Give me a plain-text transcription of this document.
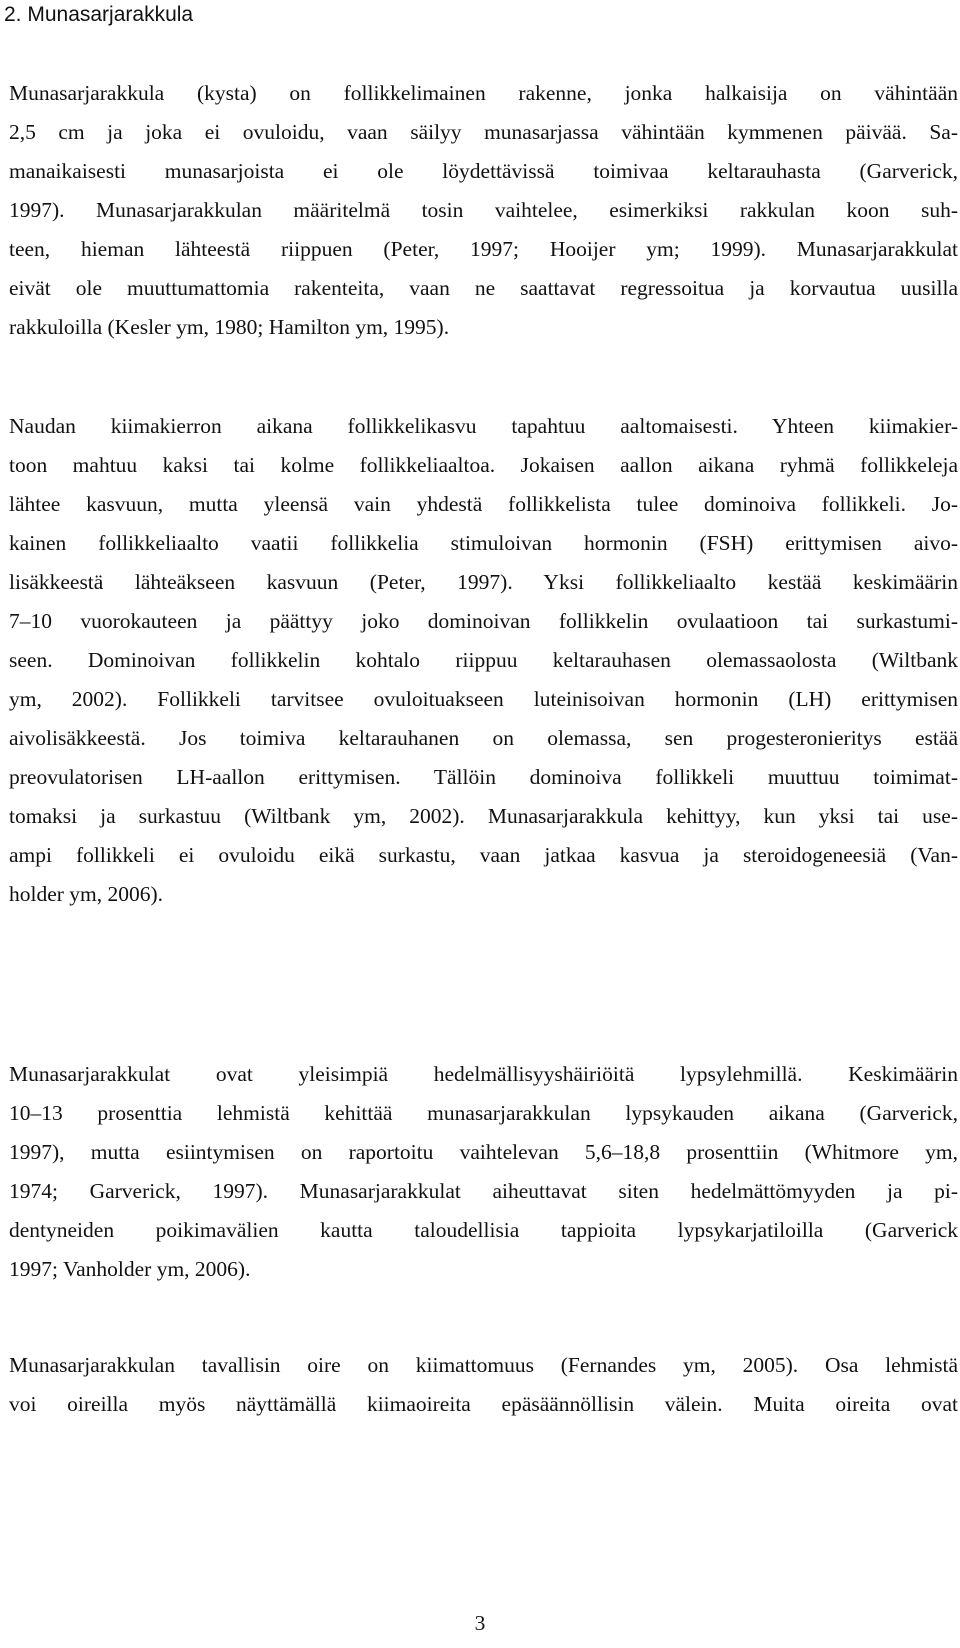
2. Munasarjarakkula
Munasarjarakkula (kysta) on follikkelimainen rakenne, jonka halkaisija on vähintään
2,5 cm ja joka ei ovuloidu, vaan säilyy munasarjassa vähintään kymmenen päivää. Sa-
manaikaisesti munasarjoista ei ole löydettävissä toimivaa keltarauhasta (Garverick,
1997). Munasarjarakkulan määritelmä tosin vaihtelee, esimerkiksi rakkulan koon suh-
teen, hieman lähteestä riippuen (Peter, 1997; Hooijer ym; 1999). Munasarjarakkulat
eivät ole muuttumattomia rakenteita, vaan ne saattavat regressoitua ja korvautua uusilla
rakkuloilla (Kesler ym, 1980; Hamilton ym, 1995).
Naudan kiimakierron aikana follikkelikasvu tapahtuu aaltomaisesti. Yhteen kiimakier-
toon mahtuu kaksi tai kolme follikkeliaaltoa. Jokaisen aallon aikana ryhmä follikkeleja
lähtee kasvuun, mutta yleensä vain yhdestä follikkelista tulee dominoiva follikkeli. Jo-
kainen follikkeliaalto vaatii follikkelia stimuloivan hormonin (FSH) erittymisen aivo-
lisäkkeestä lähteäkseen kasvuun (Peter, 1997). Yksi follikkeliaalto kestää keskimäärin
7–10 vuorokauteen ja päättyy joko dominoivan follikkelin ovulaatioon tai surkastumi-
seen. Dominoivan follikkelin kohtalo riippuu keltarauhasen olemassaolosta (Wiltbank
ym, 2002). Follikkeli tarvitsee ovuloituakseen luteinisoivan hormonin (LH) erittymisen
aivolisäkkeestä. Jos toimiva keltarauhanen on olemassa, sen progesteronieritys estää
preovulatorisen LH-aallon erittymisen. Tällöin dominoiva follikkeli muuttuu toimimat-
tomaksi ja surkastuu (Wiltbank ym, 2002). Munasarjarakkula kehittyy, kun yksi tai use-
ampi follikkeli ei ovuloidu eikä surkastu, vaan jatkaa kasvua ja steroidogeneesiä (Van-
holder ym, 2006).
Munasarjarakkulat ovat yleisimpiä hedelmällisyyshäiriöitä lypsylehmillä. Keskimäärin
10–13 prosenttia lehmistä kehittää munasarjarakkulan lypsykauden aikana (Garverick,
1997), mutta esiintymisen on raportoitu vaihtelevan 5,6–18,8 prosenttiin (Whitmore ym,
1974; Garverick, 1997). Munasarjarakkulat aiheuttavat siten hedelmättömyyden ja pi-
dentyneiden poikimavälien kautta taloudellisia tappioita lypsykarjatiloilla (Garverick
1997; Vanholder ym, 2006).
Munasarjarakkulan tavallisin oire on kiimattomuus (Fernandes ym, 2005). Osa lehmistä
voi oireilla myös näyttämällä kiimaoireita epäsäännöllisin välein. Muita oireita ovat
3
